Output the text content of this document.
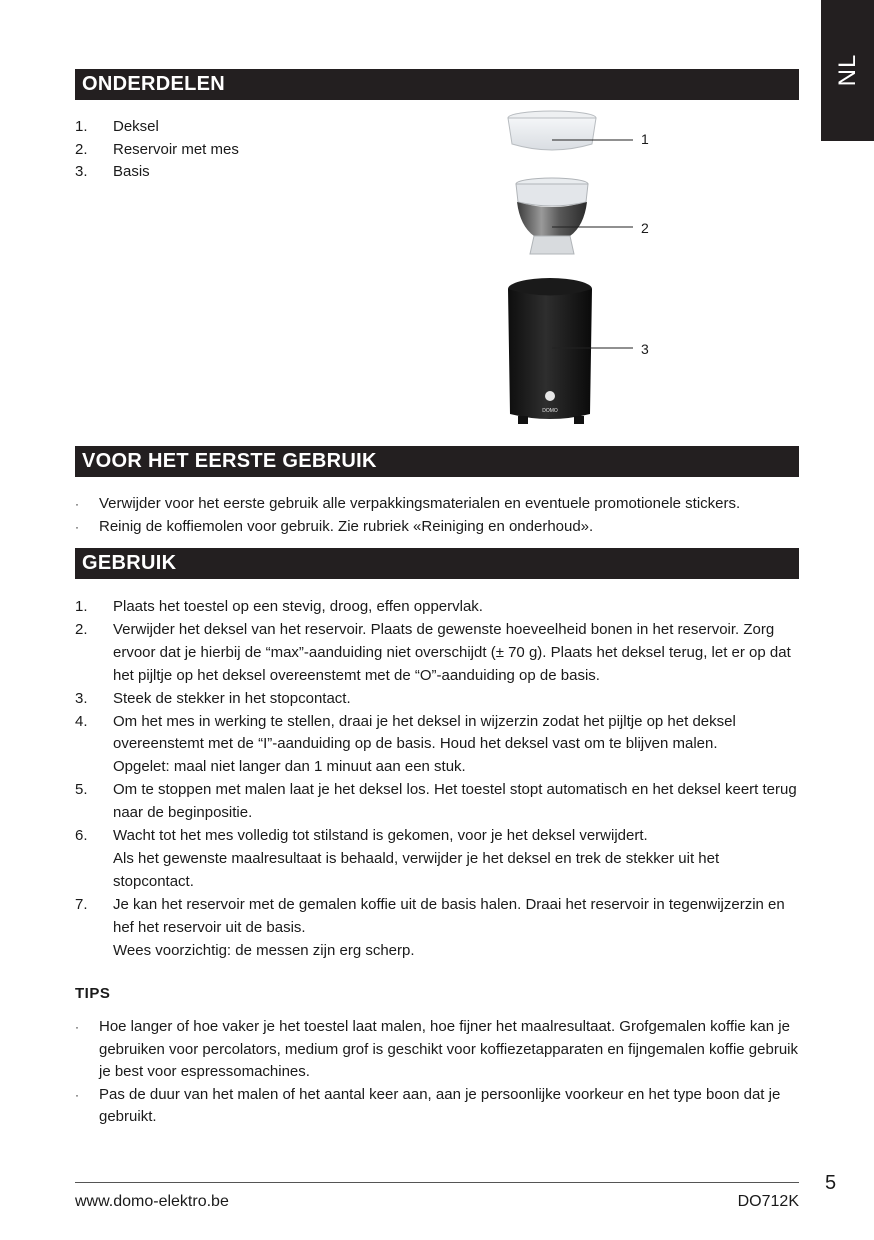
NL
ONDERDELEN
1.	Deksel
2.	Reservoir met mes
3.	Basis
DOMO
1
2
3
VOOR HET EERSTE GEBRUIK
·	Verwijder voor het eerste gebruik alle verpakkingsmaterialen en eventuele promotionele stickers.
·	Reinig de koffiemolen voor gebruik. Zie rubriek «Reiniging en onderhoud».
GEBRUIK
1.	Plaats het toestel op een stevig, droog, effen oppervlak.
2.	Verwijder het deksel van het reservoir. Plaats de gewenste hoeveelheid bonen in het reservoir. Zorg ervoor dat je hierbij de “max”-aanduiding niet overschijdt (± 70 g). Plaats het deksel terug, let er op dat het pijltje op het deksel overeenstemt met de “O”-aanduiding op de basis.
3.	Steek de stekker in het stopcontact.
4.	Om het mes in werking te stellen, draai je het deksel in wijzerzin zodat het pijltje op het deksel overeenstemt met de “I”-aanduiding op de basis. Houd het deksel vast om te blijven malen.
Opgelet: maal niet langer dan 1 minuut aan een stuk.
5.	Om te stoppen met malen laat je het deksel los. Het toestel stopt automatisch en het deksel keert terug naar de beginpositie.
6.	Wacht tot het mes volledig tot stilstand is gekomen, voor je het deksel verwijdert.
Als het gewenste maalresultaat is behaald, verwijder je het deksel en trek de stekker uit het stopcontact.
7.	Je kan het reservoir met de gemalen koffie uit de basis halen. Draai het reservoir in tegenwijzerzin en hef het reservoir uit de basis.
Wees voorzichtig: de messen zijn erg scherp.
TIPS
·	Hoe langer of hoe vaker je het toestel laat malen, hoe fijner het maalresultaat. Grofgemalen koffie kan je gebruiken voor percolators, medium grof is geschikt voor koffiezetapparaten en fijngemalen koffie gebruik je best voor espressomachines.
·	Pas de duur van het malen of het aantal keer aan, aan je persoonlijke voorkeur en het type boon dat je gebruikt.
5
www.domo-elektro.be	DO712K
